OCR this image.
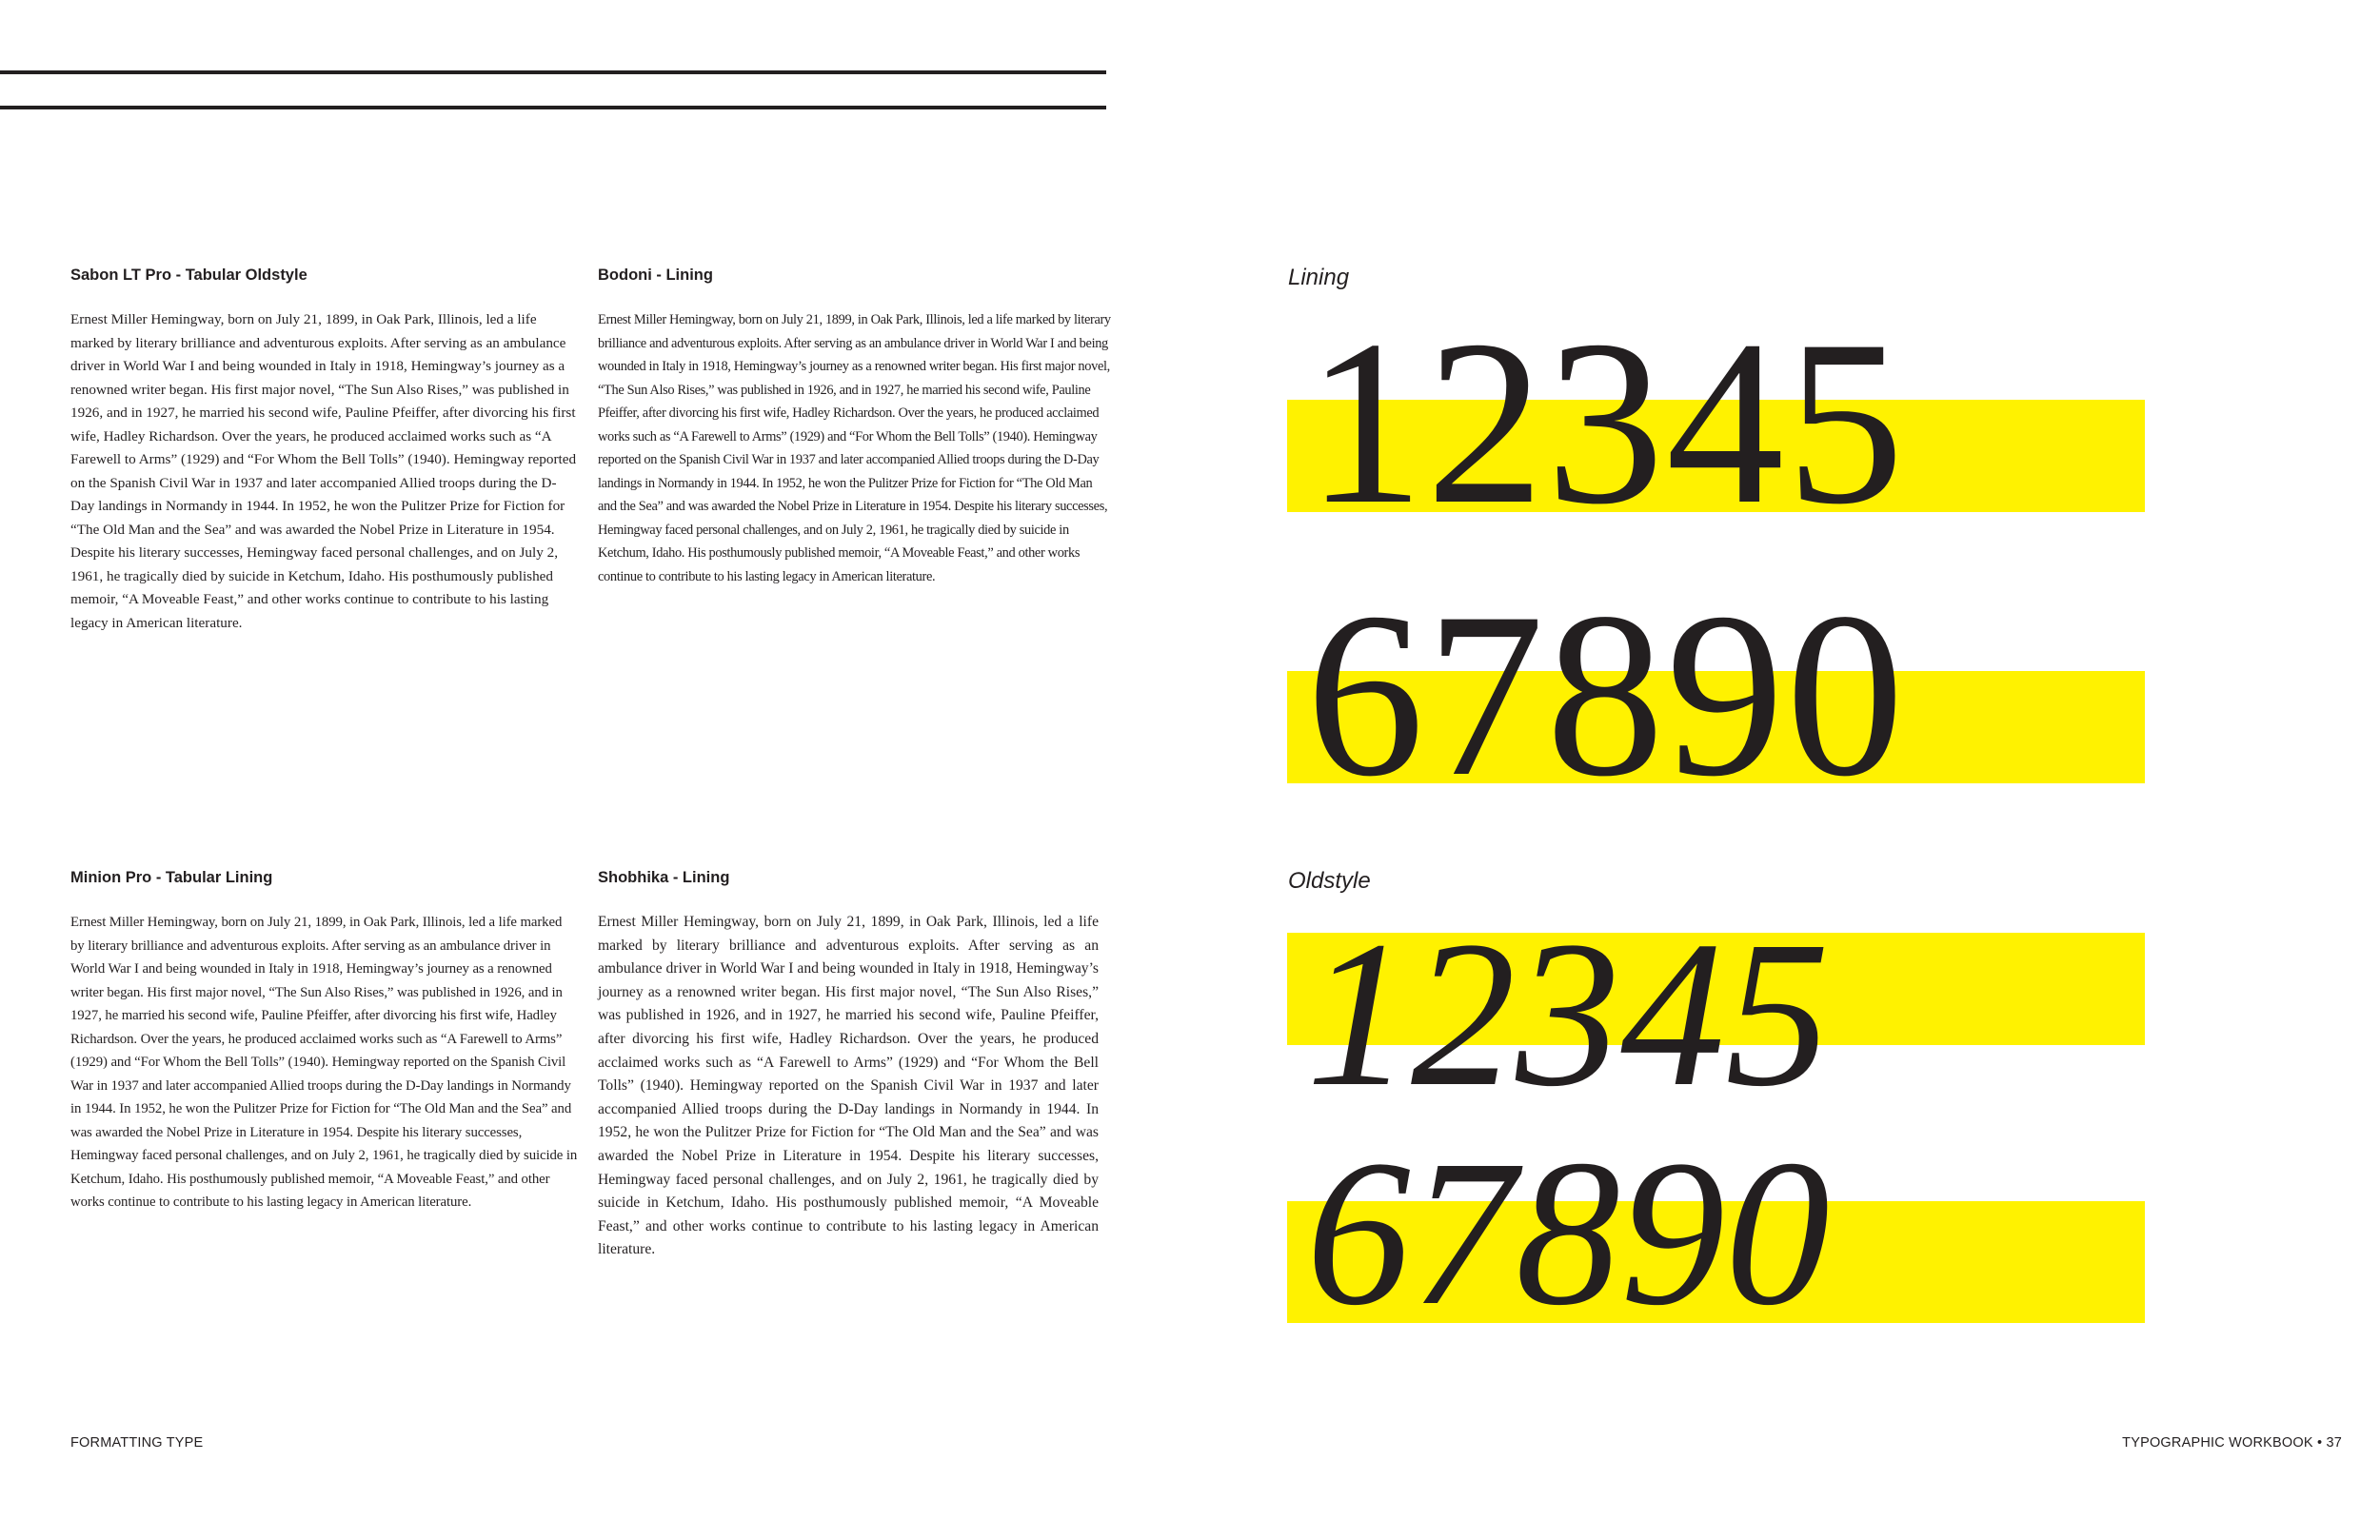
Sabon LT Pro - Tabular Oldstyle

Ernest Miller Hemingway, born on July 21, 1899, in Oak Park, Illinois, led a life marked by literary brilliance and adventurous exploits. After serving as an ambulance driver in World War I and being wounded in Italy in 1918, Hemingway’s journey as a renowned writer began. His first major novel, “The Sun Also Rises,” was published in 1926, and in 1927, he married his second wife, Pauline Pfeiffer, after divorcing his first wife, Hadley Richardson. Over the years, he produced acclaimed works such as “A Farewell to Arms” (1929) and “For Whom the Bell Tolls” (1940). Hemingway reported on the Spanish Civil War in 1937 and later accompanied Allied troops during the D-Day landings in Normandy in 1944. In 1952, he won the Pulitzer Prize for Fiction for “The Old Man and the Sea” and was awarded the Nobel Prize in Literature in 1954. Despite his literary successes, Hemingway faced personal challenges, and on July 2, 1961, he tragically died by suicide in Ketchum, Idaho. His posthumously published memoir, “A Moveable Feast,” and other works continue to contribute to his lasting legacy in American literature.

Bodoni - Lining

Ernest Miller Hemingway, born on July 21, 1899, in Oak Park, Illinois, led a life marked by literary brilliance and adventurous exploits. After serving as an ambulance driver in World War I and being wounded in Italy in 1918, Hemingway’s journey as a renowned writer began. His first major novel, “The Sun Also Rises,” was published in 1926, and in 1927, he married his second wife, Pauline Pfeiffer, after divorcing his first wife, Hadley Richardson. Over the years, he produced acclaimed works such as “A Farewell to Arms” (1929) and “For Whom the Bell Tolls” (1940). Hemingway reported on the Spanish Civil War in 1937 and later accompanied Allied troops during the D-Day landings in Normandy in 1944. In 1952, he won the Pulitzer Prize for Fiction for “The Old Man and the Sea” and was awarded the Nobel Prize in Literature in 1954. Despite his literary successes, Hemingway faced personal challenges, and on July 2, 1961, he tragically died by suicide in Ketchum, Idaho. His posthumously published memoir, “A Moveable Feast,” and other works continue to contribute to his lasting legacy in American literature.

Minion Pro - Tabular Lining

Ernest Miller Hemingway, born on July 21, 1899, in Oak Park, Illinois, led a life marked by literary brilliance and adventurous exploits. After serving as an ambulance driver in World War I and being wounded in Italy in 1918, Hemingway’s journey as a renowned writer began. His first major novel, “The Sun Also Rises,” was published in 1926, and in 1927, he married his second wife, Pauline Pfeiffer, after divorcing his first wife, Hadley Richardson. Over the years, he produced acclaimed works such as “A Farewell to Arms” (1929) and “For Whom the Bell Tolls” (1940). Hemingway reported on the Spanish Civil War in 1937 and later accompanied Allied troops during the D-Day landings in Normandy in 1944. In 1952, he won the Pulitzer Prize for Fiction for “The Old Man and the Sea” and was awarded the Nobel Prize in Literature in 1954. Despite his literary successes, Hemingway faced personal challenges, and on July 2, 1961, he tragically died by suicide in Ketchum, Idaho. His posthumously published memoir, “A Moveable Feast,” and other works continue to contribute to his lasting legacy in American literature.

Shobhika - Lining

Ernest Miller Hemingway, born on July 21, 1899, in Oak Park, Illinois, led a life marked by literary brilliance and adventurous exploits. After serving as an ambulance driver in World War I and being wounded in Italy in 1918, Hemingway’s journey as a renowned writer began. His first major novel, “The Sun Also Rises,” was published in 1926, and in 1927, he married his second wife, Pauline Pfeiffer, after divorcing his first wife, Hadley Richardson. Over the years, he produced acclaimed works such as “A Farewell to Arms” (1929) and “For Whom the Bell Tolls” (1940). Hemingway reported on the Spanish Civil War in 1937 and later accompanied Allied troops during the D-Day landings in Normandy in 1944. In 1952, he won the Pulitzer Prize for Fiction for “The Old Man and the Sea” and was awarded the Nobel Prize in Literature in 1954. Despite his literary successes, Hemingway faced personal challenges, and on July 2, 1961, he tragically died by suicide in Ketchum, Idaho. His posthumously published memoir, “A Moveable Feast,” and other works continue to contribute to his lasting legacy in American literature.

Lining
12345
67890
Oldstyle
12345
67890
FORMATTING TYPE	TYPOGRAPHIC WORKBOOK • 37
